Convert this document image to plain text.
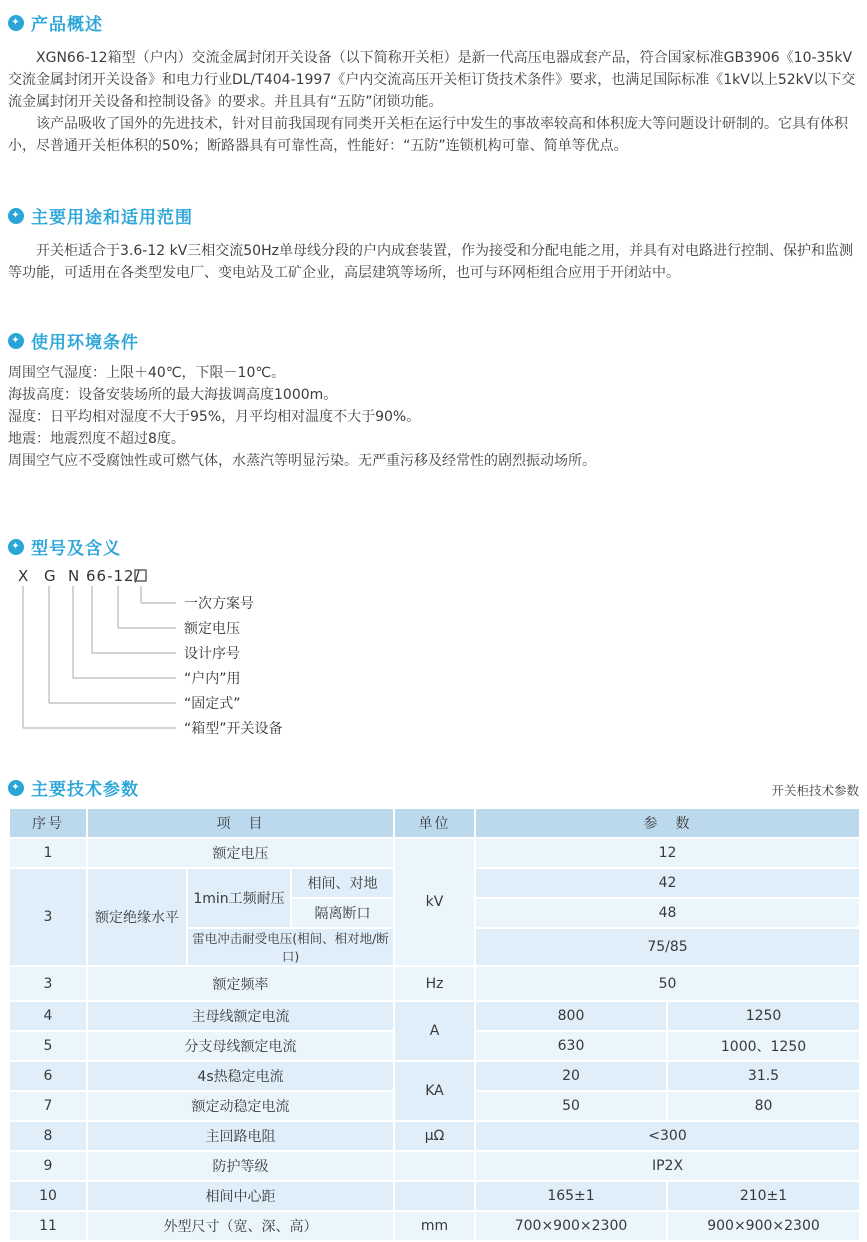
✦ 产品概述

XGN66-12箱型（户内）交流金属封闭开关设备（以下简称开关柜）是新一代高压电器成套产品，符合国家标准GB3906《10-35kV交流金属封闭开关设备》和电力行业DL/T404-1997《户内交流高压开关柜订货技术条件》要求，也满足国际标准《1kV以上52kV以下交流金属封闭开关设备和控制设备》的要求。并且具有“五防”闭锁功能。

该产品吸收了国外的先进技术，针对目前我国现有同类开关柜在运行中发生的事故率较高和体积庞大等问题设计研制的。它具有体积小，尽普通开关柜体积的50%；断路器具有可靠性高，性能好：“五防”连锁机构可靠、简单等优点。

✦ 主要用途和适用范围

开关柜适合于3.6-12 kV三相交流50Hz单母线分段的户内成套装置，作为接受和分配电能之用，并具有对电路进行控制、保护和监测等功能，可适用在各类型发电厂、变电站及工矿企业，高层建筑等场所，也可与环网柜组合应用于开闭站中。

✦ 使用环境条件
周围空气湿度：上限＋40℃，下限－10℃。
海拔高度：设备安装场所的最大海拔调高度1000m。
湿度：日平均相对湿度不大于95%，月平均相对温度不大于90%。
地震：地震烈度不超过8度。
周围空气应不受腐蚀性或可燃气体，水蒸汽等明显污染。无严重污移及经常性的剧烈振动场所。
✦ 型号及含义
X G N 66-12/
一次方案号
额定电压
设计序号
“户内”用
“固定式”
“箱型”开关设备
✦ 主要技术参数	开关柜技术参数
序号	项　目			单位	参　数	
1	额定电压			kV	12	
3	额定绝缘水平	1min工频耐压	相间、对地		42	
			隔离断口		48	
		雷电冲击耐受电压(相间、相对地/断口)			75/85	
3	额定频率			Hz	50	
4	主母线额定电流			A	800	1250
5	分支母线额定电流				630	1000、1250
6	4s热稳定电流			KA	20	31.5
7	额定动稳定电流				50	80
8	主回路电阻			μΩ	<300	
9	防护等级				IP2X	
10	相间中心距				165±1	210±1
11	外型尺寸（宽、深、高）			mm	700×900×2300	900×900×2300
